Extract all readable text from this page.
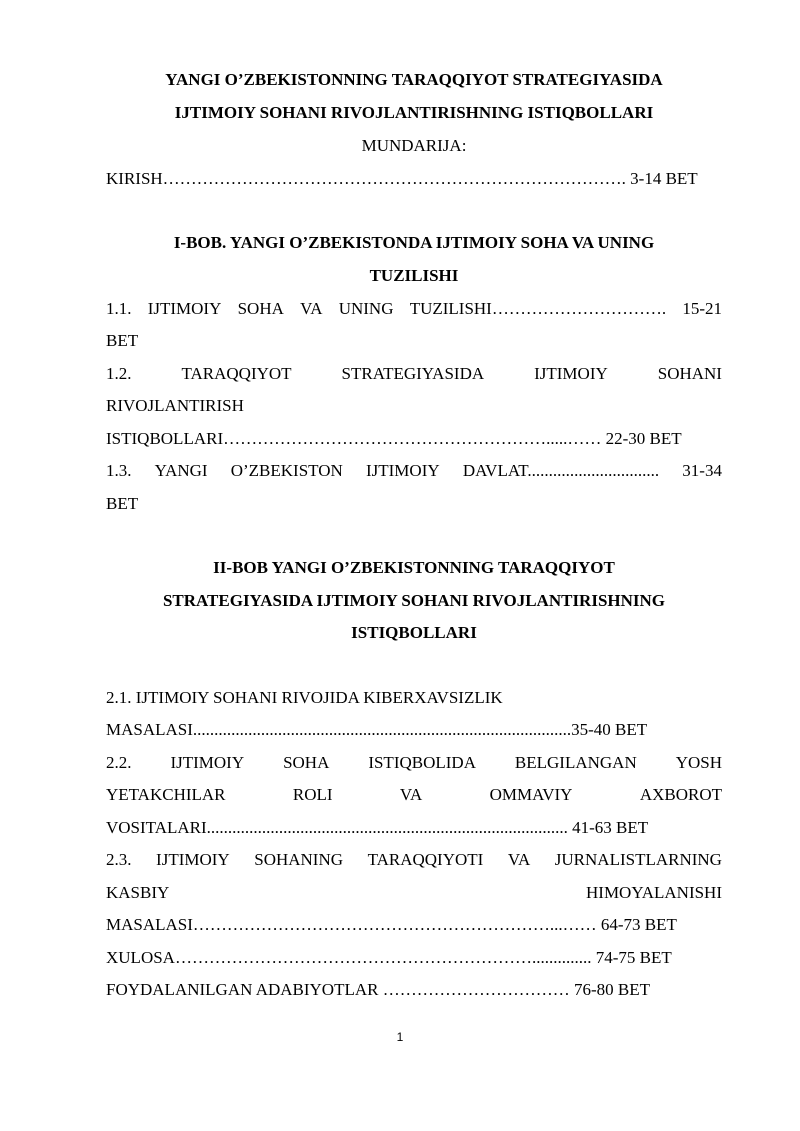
YANGI O’ZBEKISTONNING TARAQQIYOT STRATEGIYASIDA
IJTIMOIY SOHANI RIVOJLANTIRISHNING ISTIQBOLLARI
MUNDARIJA:
KIRISH………………………………………………………………………. 3-14 BET
I-BOB. YANGI O’ZBEKISTONDA IJTIMOIY SOHA VA UNING
TUZILISHI
1.1. IJTIMOIY SOHA VA UNING TUZILISHI…………………………. 15-21
BET
1.2.	TARAQQIYOT	STRATEGIYASIDA	IJTIMOIY	SOHANI
RIVOJLANTIRISH
ISTIQBOLLARI………………………………………………….....…… 22-30 BET
1.3. YANGI O’ZBEKISTON IJTIMOIY DAVLAT............................... 31-34
BET
II-BOB YANGI O’ZBEKISTONNING TARAQQIYOT
STRATEGIYASIDA IJTIMOIY SOHANI RIVOJLANTIRISHNING
ISTIQBOLLARI
2.1. IJTIMOIY SOHANI RIVOJIDA KIBERXAVSIZLIK
MASALASI.........................................................................................35-40 BET
2.2. IJTIMOIY SOHA ISTIQBOLIDA BELGILANGAN YOSH
YETAKCHILAR	ROLI	VA	OMMAVIY	AXBOROT
VOSITALARI..................................................................................... 41-63 BET
2.3. IJTIMOIY SOHANING TARAQQIYOTI VA JURNALISTLARNING
KASBIY	HIMOYALANISHI
MASALASI………………………………………………………...…… 64-73 BET
XULOSA……………………………………………………….............. 74-75 BET
FOYDALANILGAN ADABIYOTLAR …………………………… 76-80 BET
1
